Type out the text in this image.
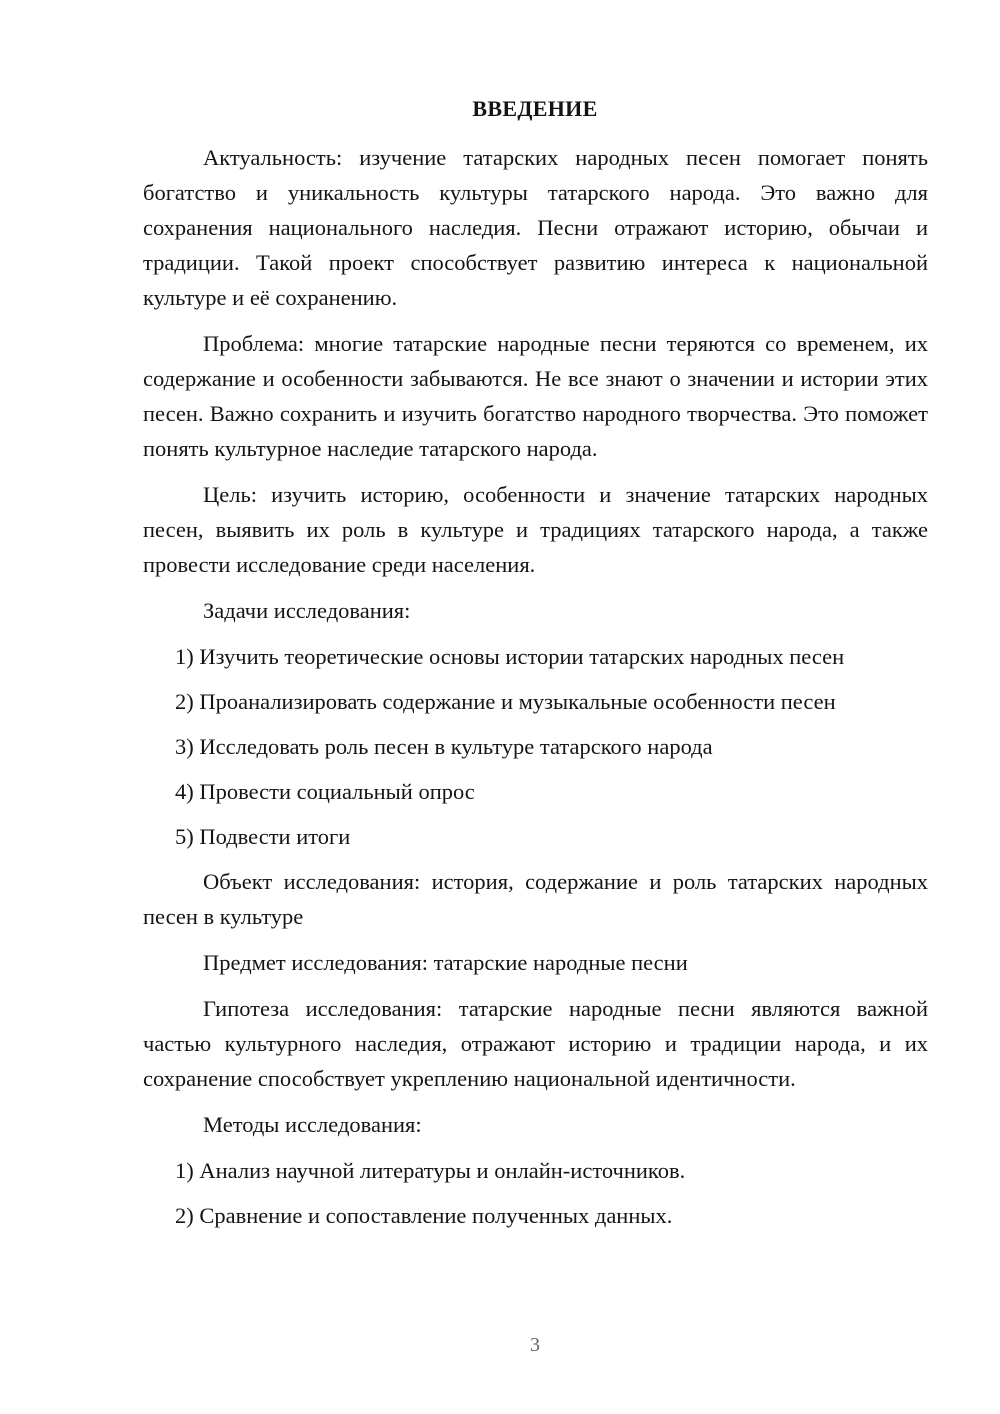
ВВЕДЕНИЕ

Актуальность: изучение татарских народных песен помогает понять богатство и уникальность культуры татарского народа. Это важно для сохранения национального наследия. Песни отражают историю, обычаи и традиции. Такой проект способствует развитию интереса к национальной культуре и её сохранению.

Проблема: многие татарские народные песни теряются со временем, их содержание и особенности забываются. Не все знают о значении и истории этих песен. Важно сохранить и изучить богатство народного творчества. Это поможет понять культурное наследие татарского народа.

Цель: изучить историю, особенности и значение татарских народных песен, выявить их роль в культуре и традициях татарского народа, а также провести исследование среди населения.

Задачи исследования:

1) Изучить теоретические основы истории татарских народных песен
2) Проанализировать содержание и музыкальные особенности песен
3) Исследовать роль песен в культуре татарского народа
4) Провести социальный опрос
5) Подвести итоги

Объект исследования: история, содержание и роль татарских народных песен в культуре

Предмет исследования: татарские народные песни

Гипотеза исследования: татарские народные песни являются важной частью культурного наследия, отражают историю и традиции народа, и их сохранение способствует укреплению национальной идентичности.

Методы исследования:

1) Анализ научной литературы и онлайн-источников.
2) Сравнение и сопоставление полученных данных.
3
